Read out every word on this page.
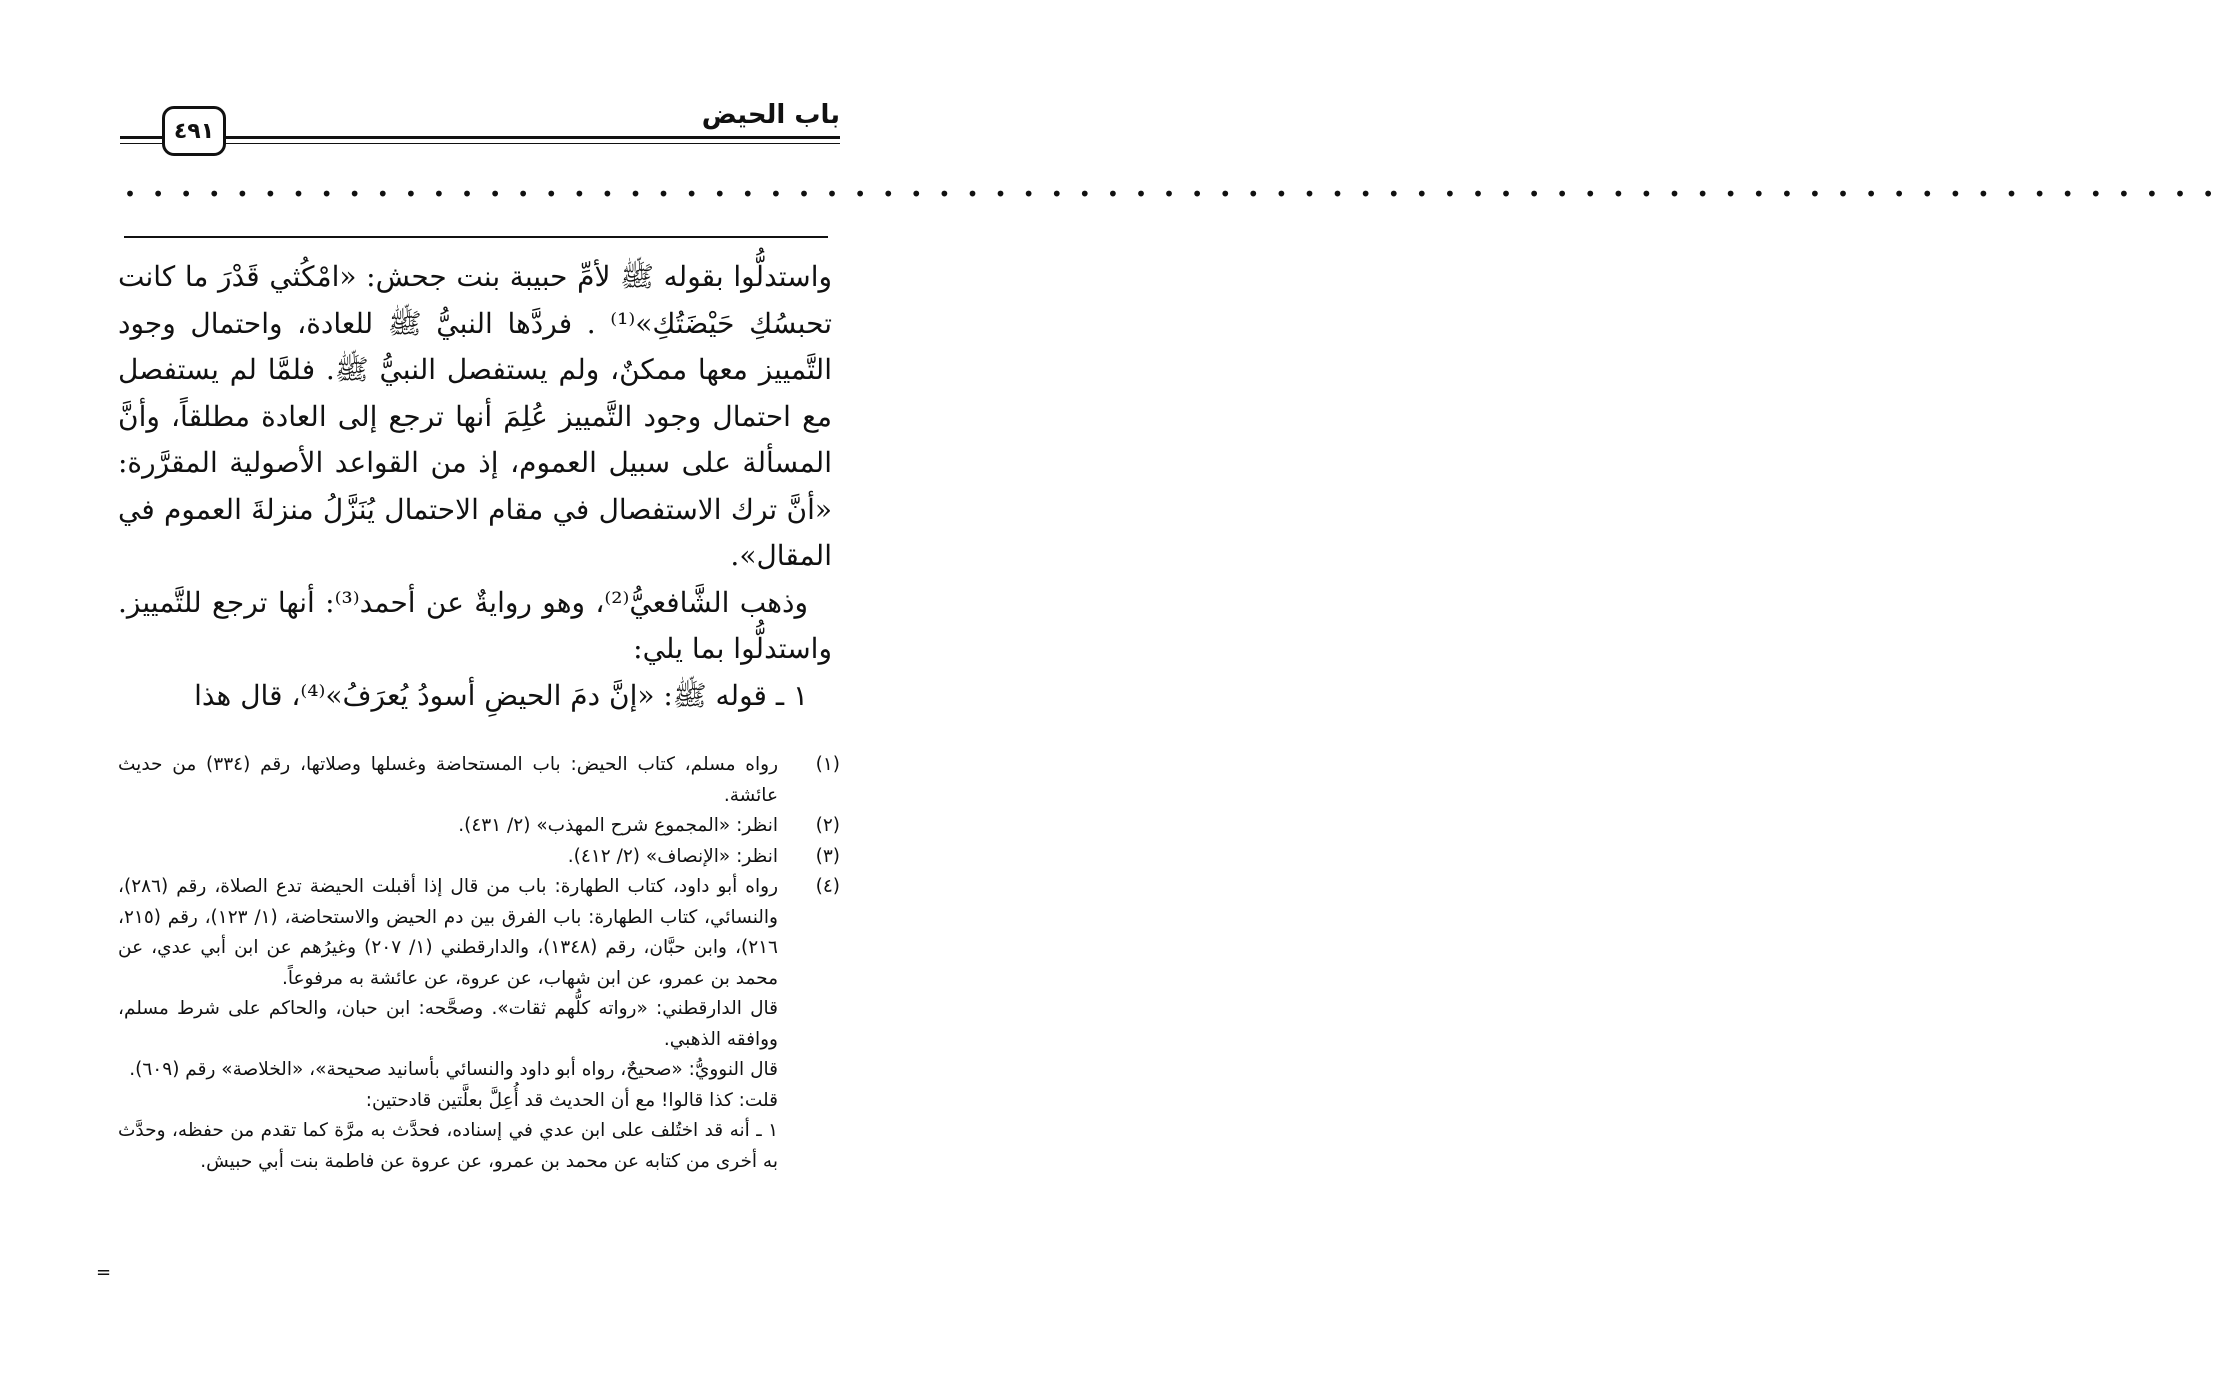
باب الحيض
٤٩١
• • • • • • • • • • • • • • • • • • • • • • • • • • • • • • • • • • • • • • • • • • • • • • • • • • • • • • • • • • • • • • • • • • • • • • • • • • •

واستدلُّوا بقوله ﷺ لأمِّ حبيبة بنت جحش: «امْكُثي قَدْرَ ما كانت تحبسُكِ حَيْضَتُكِ»⁽¹⁾ . فردَّها النبيُّ ﷺ للعادة، واحتمال وجود التَّمييز معها ممكنٌ، ولم يستفصل النبيُّ ﷺ. فلمَّا لم يستفصل مع احتمال وجود التَّمييز عُلِمَ أنها ترجع إلى العادة مطلقاً، وأنَّ المسألة على سبيل العموم، إذ من القواعد الأصولية المقرَّرة: «أنَّ ترك الاستفصال في مقام الاحتمال يُنَزَّلُ منزلةَ العموم في المقال».

وذهب الشَّافعيُّ⁽²⁾، وهو روايةٌ عن أحمد⁽³⁾: أنها ترجع للتَّمييز. واستدلُّوا بما يلي:

١ ـ قوله ﷺ: «إنَّ دمَ الحيضِ أسودُ يُعرَفُ»⁽⁴⁾، قال هذا

(١)

رواه مسلم، كتاب الحيض: باب المستحاضة وغسلها وصلاتها، رقم (٣٣٤) من حديث عائشة.

(٢)

انظر: «المجموع شرح المهذب» (٢/ ٤٣١).

(٣)

انظر: «الإنصاف» (٢/ ٤١٢).

(٤)

رواه أبو داود، كتاب الطهارة: باب من قال إذا أقبلت الحيضة تدع الصلاة، رقم (٢٨٦)، والنسائي، كتاب الطهارة: باب الفرق بين دم الحيض والاستحاضة، (١/ ١٢٣)، رقم (٢١٥، ٢١٦)، وابن حبَّان، رقم (١٣٤٨)، والدارقطني (١/ ٢٠٧) وغيرُهم عن ابن أبي عدي، عن محمد بن عمرو، عن ابن شهاب، عن عروة، عن عائشة به مرفوعاً.

قال الدارقطني: «رواته كلُّهم ثقات». وصحَّحه: ابن حبان، والحاكم على شرط مسلم، ووافقه الذهبي.

قال النوويُّ: «صحيحٌ، رواه أبو داود والنسائي بأسانيد صحيحة»، «الخلاصة» رقم (٦٠٩).

قلت: كذا قالوا! مع أن الحديث قد أُعِلَّ بعلَّتين قادحتين:

١ ـ أنه قد اختُلف على ابن عدي في إسناده، فحدَّث به مرَّة كما تقدم من حفظه، وحدَّث به أخرى من كتابه عن محمد بن عمرو، عن عروة عن فاطمة بنت أبي حبيش.

=
